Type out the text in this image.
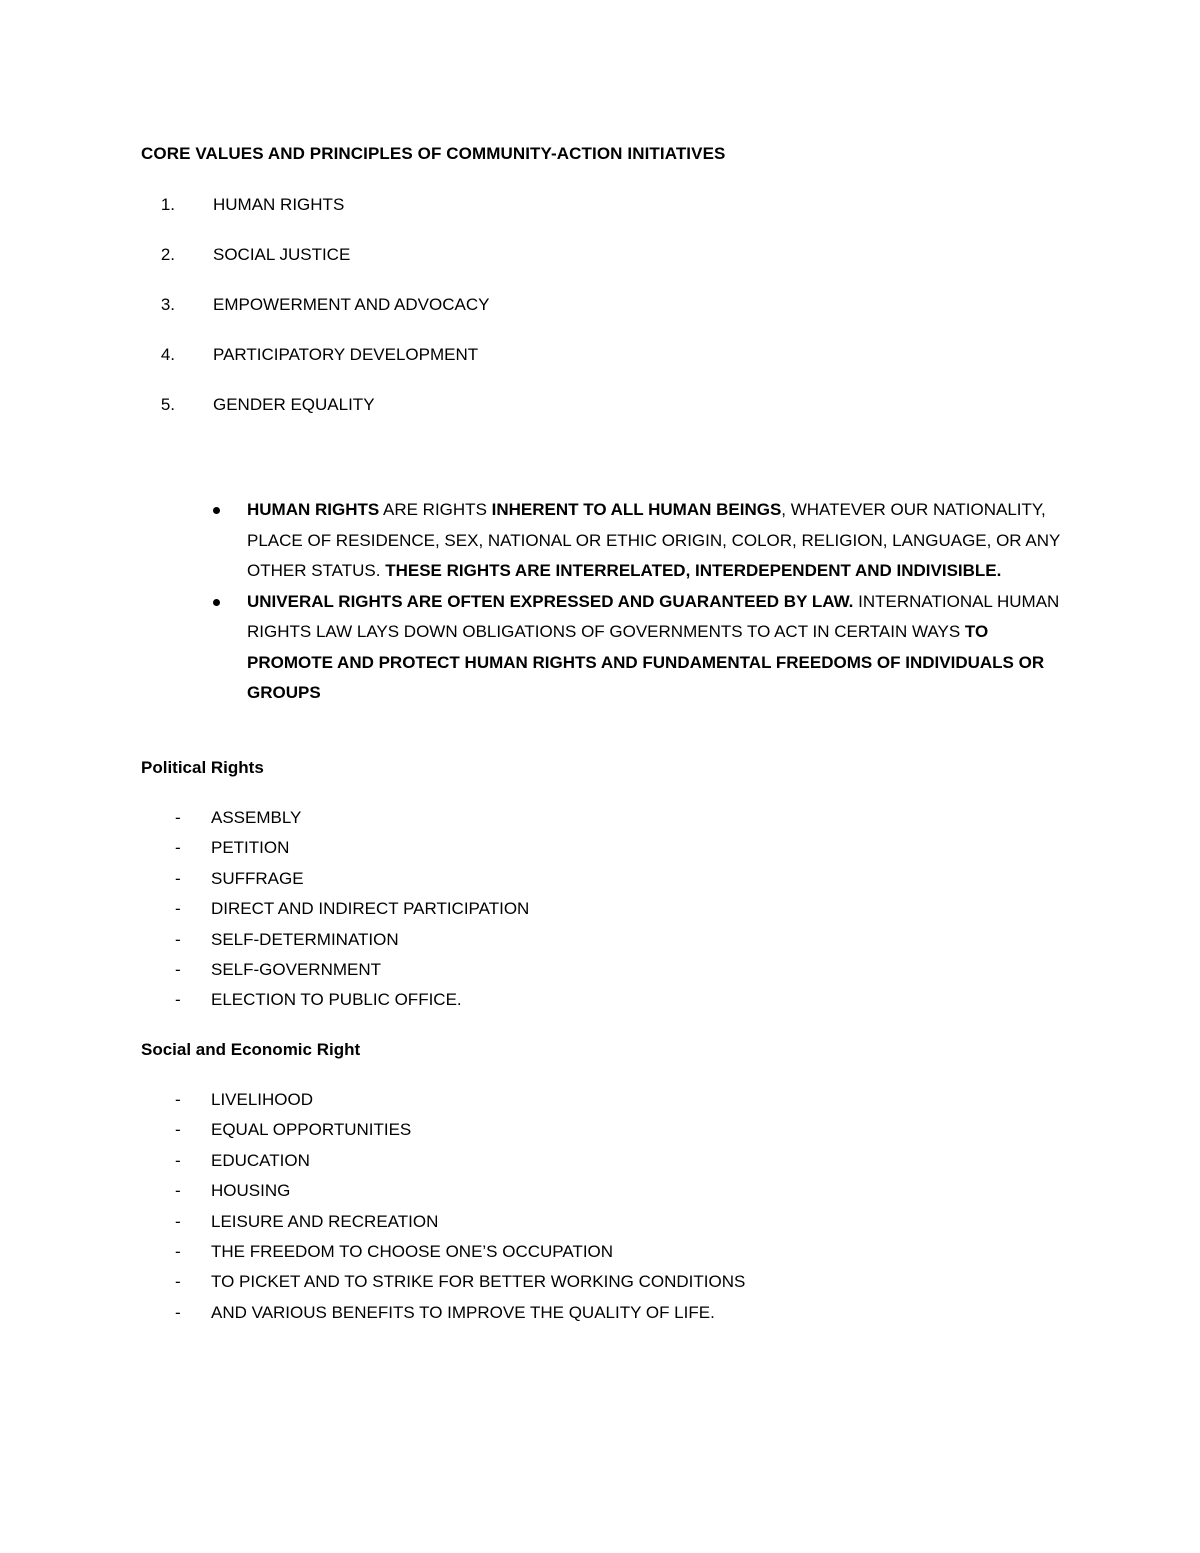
CORE VALUES AND PRINCIPLES OF COMMUNITY-ACTION INITIATIVES
1. HUMAN RIGHTS
2. SOCIAL JUSTICE
3. EMPOWERMENT AND ADVOCACY
4. PARTICIPATORY DEVELOPMENT
5. GENDER EQUALITY
HUMAN RIGHTS ARE RIGHTS INHERENT TO ALL HUMAN BEINGS, WHATEVER OUR NATIONALITY, PLACE OF RESIDENCE, SEX, NATIONAL OR ETHIC ORIGIN, COLOR, RELIGION, LANGUAGE, OR ANY OTHER STATUS. THESE RIGHTS ARE INTERRELATED, INTERDEPENDENT AND INDIVISIBLE.
UNIVERAL RIGHTS ARE OFTEN EXPRESSED AND GUARANTEED BY LAW. INTERNATIONAL HUMAN RIGHTS LAW LAYS DOWN OBLIGATIONS OF GOVERNMENTS TO ACT IN CERTAIN WAYS TO PROMOTE AND PROTECT HUMAN RIGHTS AND FUNDAMENTAL FREEDOMS OF INDIVIDUALS OR GROUPS
Political Rights
-	ASSEMBLY
-	PETITION
-	SUFFRAGE
-	DIRECT AND INDIRECT PARTICIPATION
-	SELF-DETERMINATION
-	SELF-GOVERNMENT
-	ELECTION TO PUBLIC OFFICE.
Social and Economic Right
-	LIVELIHOOD
-	EQUAL OPPORTUNITIES
-	EDUCATION
-	HOUSING
-	LEISURE AND RECREATION
-	THE FREEDOM TO CHOOSE ONE’S OCCUPATION
-	TO PICKET AND TO STRIKE FOR BETTER WORKING CONDITIONS
-	AND VARIOUS BENEFITS TO IMPROVE THE QUALITY OF LIFE.
